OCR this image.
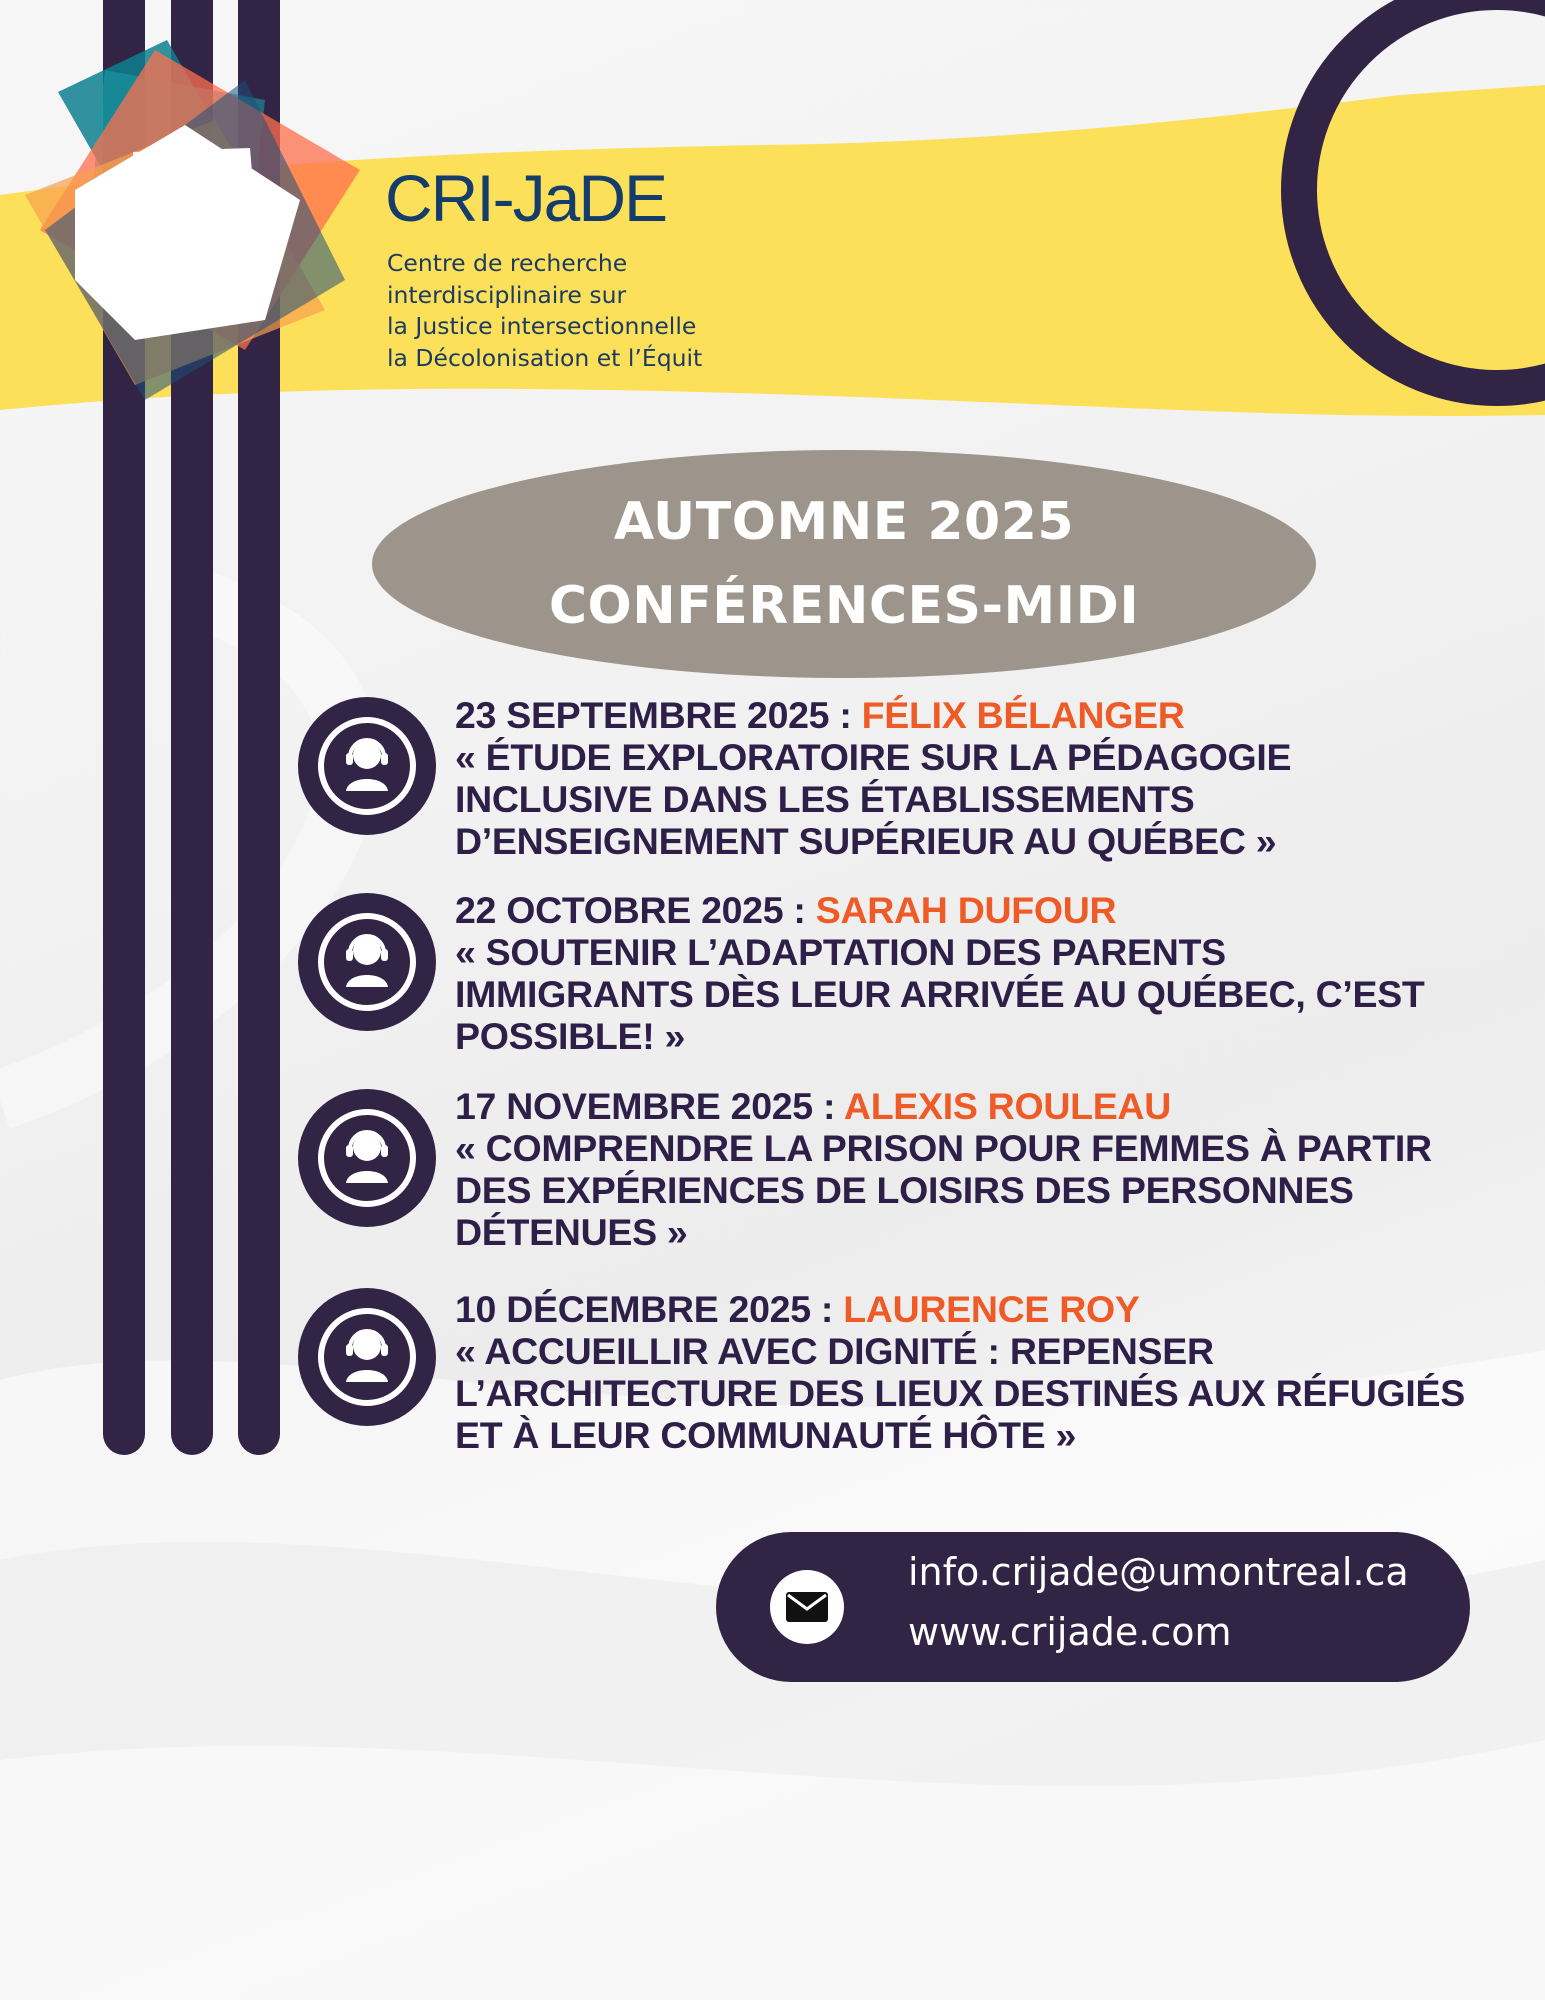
CRI-JaDE
Centre de recherche
interdisciplinaire sur
la Justice intersectionnelle
la Décolonisation et l’Équit
AUTOMNE 2025
CONFÉRENCES-MIDI
23 SEPTEMBRE 2025 : FÉLIX BÉLANGER
« ÉTUDE EXPLORATOIRE SUR LA PÉDAGOGIE
INCLUSIVE DANS LES ÉTABLISSEMENTS
D’ENSEIGNEMENT SUPÉRIEUR AU QUÉBEC »
22 OCTOBRE 2025 : SARAH DUFOUR
« SOUTENIR L’ADAPTATION DES PARENTS
IMMIGRANTS DÈS LEUR ARRIVÉE AU QUÉBEC, C’EST
POSSIBLE! »
17 NOVEMBRE 2025 : ALEXIS ROULEAU
« COMPRENDRE LA PRISON POUR FEMMES À PARTIR
DES EXPÉRIENCES DE LOISIRS DES PERSONNES
DÉTENUES »
10 DÉCEMBRE 2025 : LAURENCE ROY
« ACCUEILLIR AVEC DIGNITÉ : REPENSER
L’ARCHITECTURE DES LIEUX DESTINÉS AUX RÉFUGIÉS
ET À LEUR COMMUNAUTÉ HÔTE »
info.crijade@umontreal.ca
www.crijade.com
